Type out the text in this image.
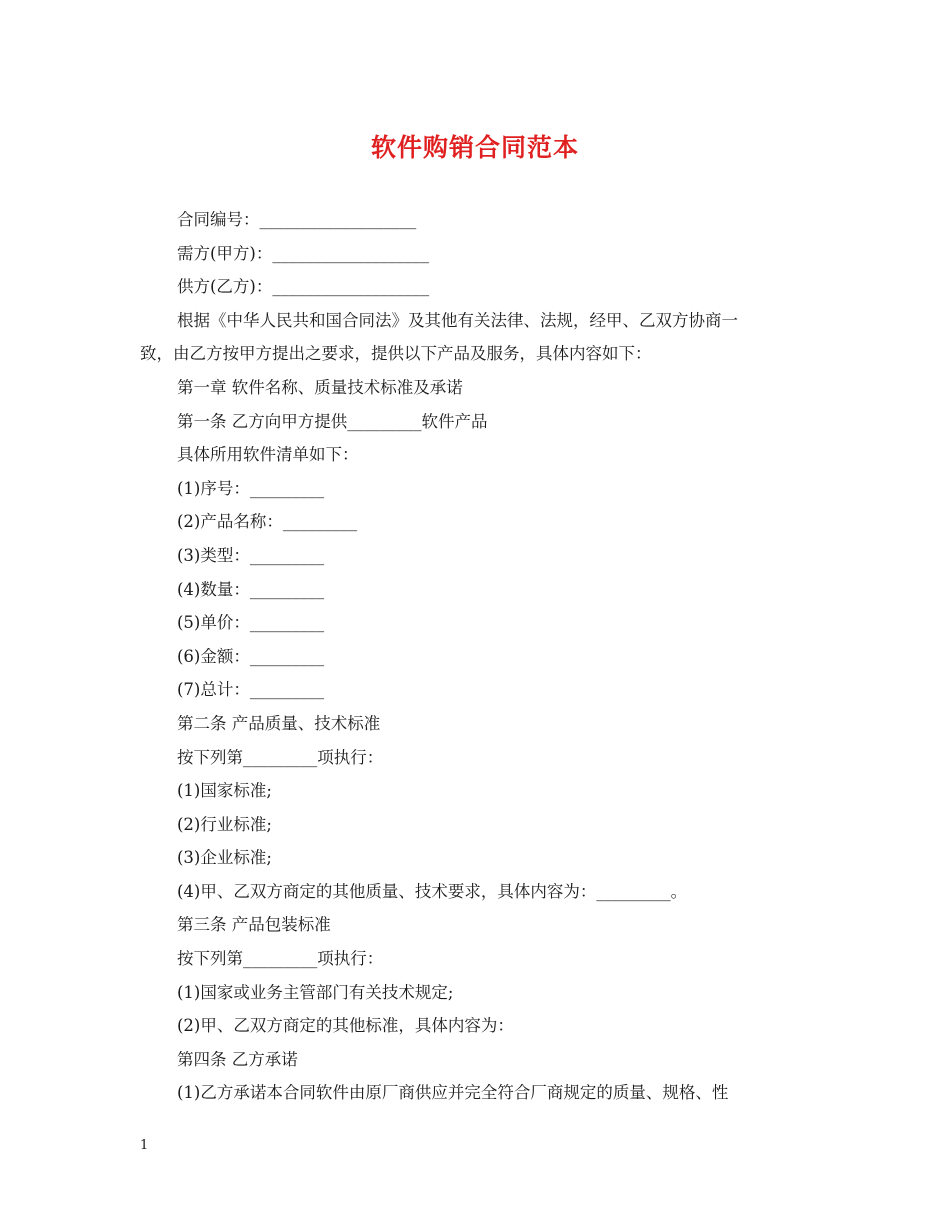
软件购销合同范本
合同编号：___________________
需方(甲方)：___________________
供方(乙方)：___________________
根据《中华人民共和国合同法》及其他有关法律、法规，经甲、乙双方协商一
致，由乙方按甲方提出之要求，提供以下产品及服务，具体内容如下：
第一章 软件名称、质量技术标准及承诺
第一条 乙方向甲方提供_________软件产品
具体所用软件清单如下：
(1)序号：_________
(2)产品名称：_________
(3)类型：_________
(4)数量：_________
(5)单价：_________
(6)金额：_________
(7)总计：_________
第二条 产品质量、技术标准
按下列第_________项执行：
(1)国家标准;
(2)行业标准;
(3)企业标准;
(4)甲、乙双方商定的其他质量、技术要求，具体内容为：_________。
第三条 产品包装标准
按下列第_________项执行：
(1)国家或业务主管部门有关技术规定;
(2)甲、乙双方商定的其他标准，具体内容为：
第四条 乙方承诺
(1)乙方承诺本合同软件由原厂商供应并完全符合厂商规定的质量、规格、性
1
